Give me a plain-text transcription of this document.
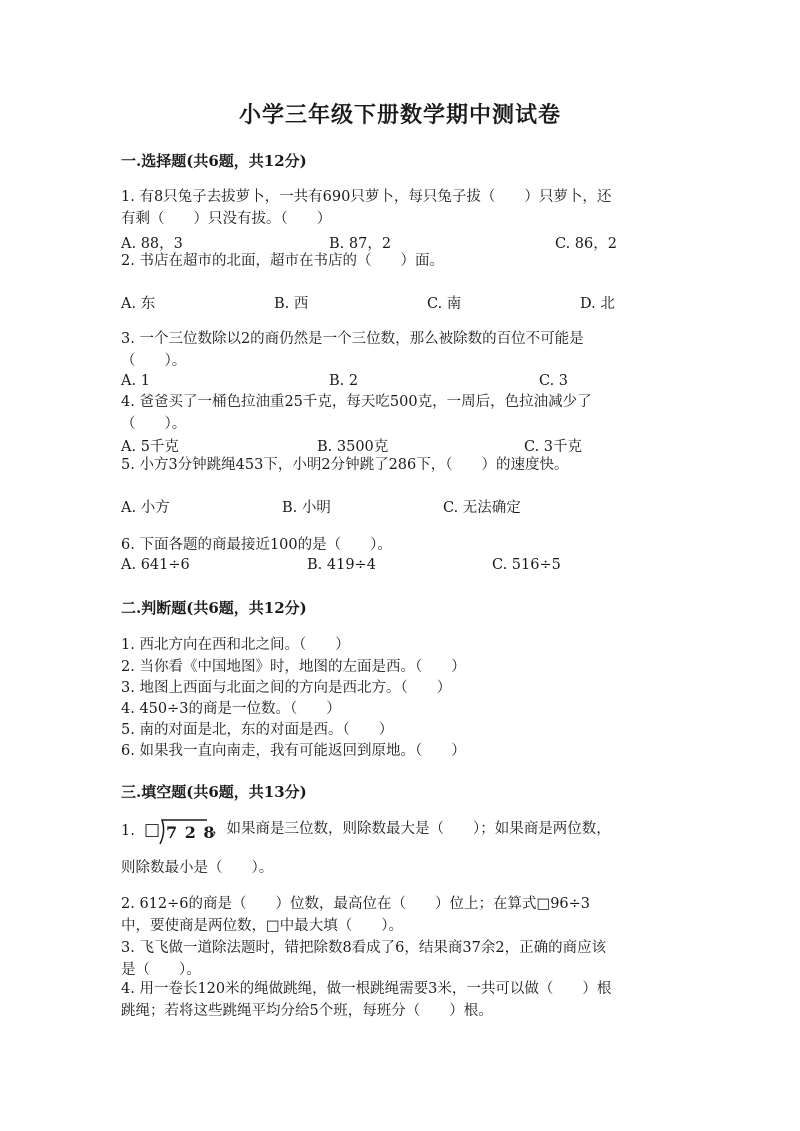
小学三年级下册数学期中测试卷
一.选择题(共6题，共12分)
1. 有8只兔子去拔萝卜，一共有690只萝卜，每只兔子拔（　　）只萝卜，还
有剩（　　）只没有拔。（　　）
A. 88，3	B. 87，2	C. 86，2
2. 书店在超市的北面，超市在书店的（　　）面。
A. 东	B. 西	C. 南	D. 北
3. 一个三位数除以2的商仍然是一个三位数，那么被除数的百位不可能是
（　　）。
A. 1	B. 2	C. 3
4. 爸爸买了一桶色拉油重25千克，每天吃500克，一周后，色拉油减少了
（　　）。
A. 5千克	B. 3500克	C. 3千克
5. 小方3分钟跳绳453下，小明2分钟跳了286下，（　　）的速度快。
A. 小方	B. 小明	C. 无法确定
6. 下面各题的商最接近100的是（　　）。
A. 641÷6	B. 419÷4	C. 516÷5
二.判断题(共6题，共12分)
1. 西北方向在西和北之间。（　　）
2. 当你看《中国地图》时，地图的左面是西。（　　）
3. 地图上西面与北面之间的方向是西北方。（　　）
4. 450÷3的商是一位数。（　　）
5. 南的对面是北，东的对面是西。（　　）
6. 如果我一直向南走，我有可能返回到原地。（　　）
三.填空题(共6题，共13分)
1. □ 7 2 8
，如果商是三位数，则除数最大是（　　）；如果商是两位数，
则除数最小是（　　）。
2. 612÷6的商是（　　）位数，最高位在（　　）位上；在算式□96÷3
中，要使商是两位数，□中最大填（　　）。
3. 飞飞做一道除法题时，错把除数8看成了6，结果商37余2，正确的商应该
是（　　）。
4. 用一卷长120米的绳做跳绳，做一根跳绳需要3米，一共可以做（　　）根
跳绳；若将这些跳绳平均分给5个班，每班分（　　）根。
